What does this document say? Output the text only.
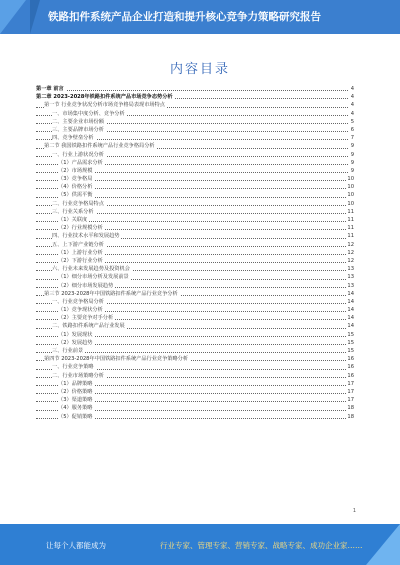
铁路扣件系统产品企业打造和提升核心竞争力策略研究报告
内容目录
第一章 前言	4
第二章 2023-2028年铁路扣件系统产品市场竞争态势分析	4
第一节 行业竞争状况分析市场竞争格局表现市场特点	4
一、市场集中度分析、竞争分析	4
二、主要企业市场份额	5
三、主要品牌市场分析	6
四、竞争壁垒分析	7
第二节 我国铁路扣件系统产品行业竞争格局分析	9
一、行业上游状况分析	9
（1）产品需求分析	9
（2）市场规模	9
（3）竞争格局	10
（4）价格分析	10
（5）供需平衡	10
二、行业竞争格局特点	10
三、行业关系分析	11
（1）关联度	11
（2）行业规模分析	11
四、行业技术水平和发展趋势	11
五、上下游产业链分析	12
（1）上游行业分析	12
（2）下游行业分析	12
六、行业未来发展趋势及投资机会	13
（1）细分市场分析及发展前景	13
（2）细分市场发展趋势	13
第三节 2023-2028年中国铁路扣件系统产品行业竞争分析	14
一、行业竞争格局分析	14
（1）竞争现状分析	14
（2）主要竞争对手分析	14
二、铁路扣件系统产品行业发展	14
（1）发展现状	15
（2）发展趋势	15
三、行业前景	15
第四节 2023-2028年中国铁路扣件系统产品行业竞争策略分析	16
一、行业竞争策略	16
二、行业市场策略分析	16
（1）品牌策略	17
（2）价格策略	17
（3）渠道策略	17
（4）服务策略	18
（5）促销策略	18
1
让每个人都能成为	行业专家、管理专家、营销专家、战略专家、成功企业家……
